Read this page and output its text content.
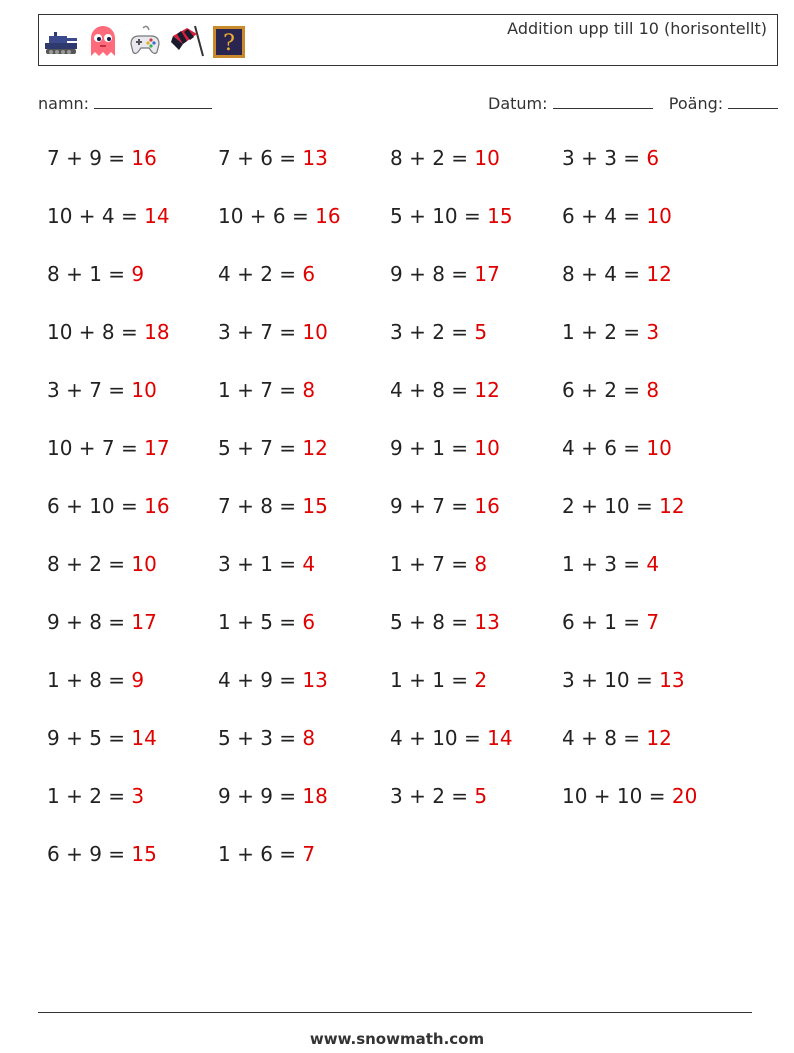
?
Addition upp till 10 (horisontellt)
namn:	Datum:	Poäng:
7 + 9 = 16	7 + 6 = 13	8 + 2 = 10	3 + 3 = 6
10 + 4 = 14 10 + 6 = 16 5 + 10 = 15 6 + 4 = 10
8 + 1 = 9	4 + 2 = 6	9 + 8 = 17	8 + 4 = 12
10 + 8 = 18 3 + 7 = 10	3 + 2 = 5	1 + 2 = 3
3 + 7 = 10	1 + 7 = 8	4 + 8 = 12	6 + 2 = 8
10 + 7 = 17 5 + 7 = 12	9 + 1 = 10	4 + 6 = 10
6 + 10 = 16 7 + 8 = 15	9 + 7 = 16	2 + 10 = 12
8 + 2 = 10	3 + 1 = 4	1 + 7 = 8	1 + 3 = 4
9 + 8 = 17	1 + 5 = 6	5 + 8 = 13	6 + 1 = 7
1 + 8 = 9	4 + 9 = 13	1 + 1 = 2	3 + 10 = 13
9 + 5 = 14	5 + 3 = 8	4 + 10 = 14 4 + 8 = 12
1 + 2 = 3	9 + 9 = 18	3 + 2 = 5	10 + 10 = 20
6 + 9 = 15	1 + 6 = 7
www.snowmath.com
